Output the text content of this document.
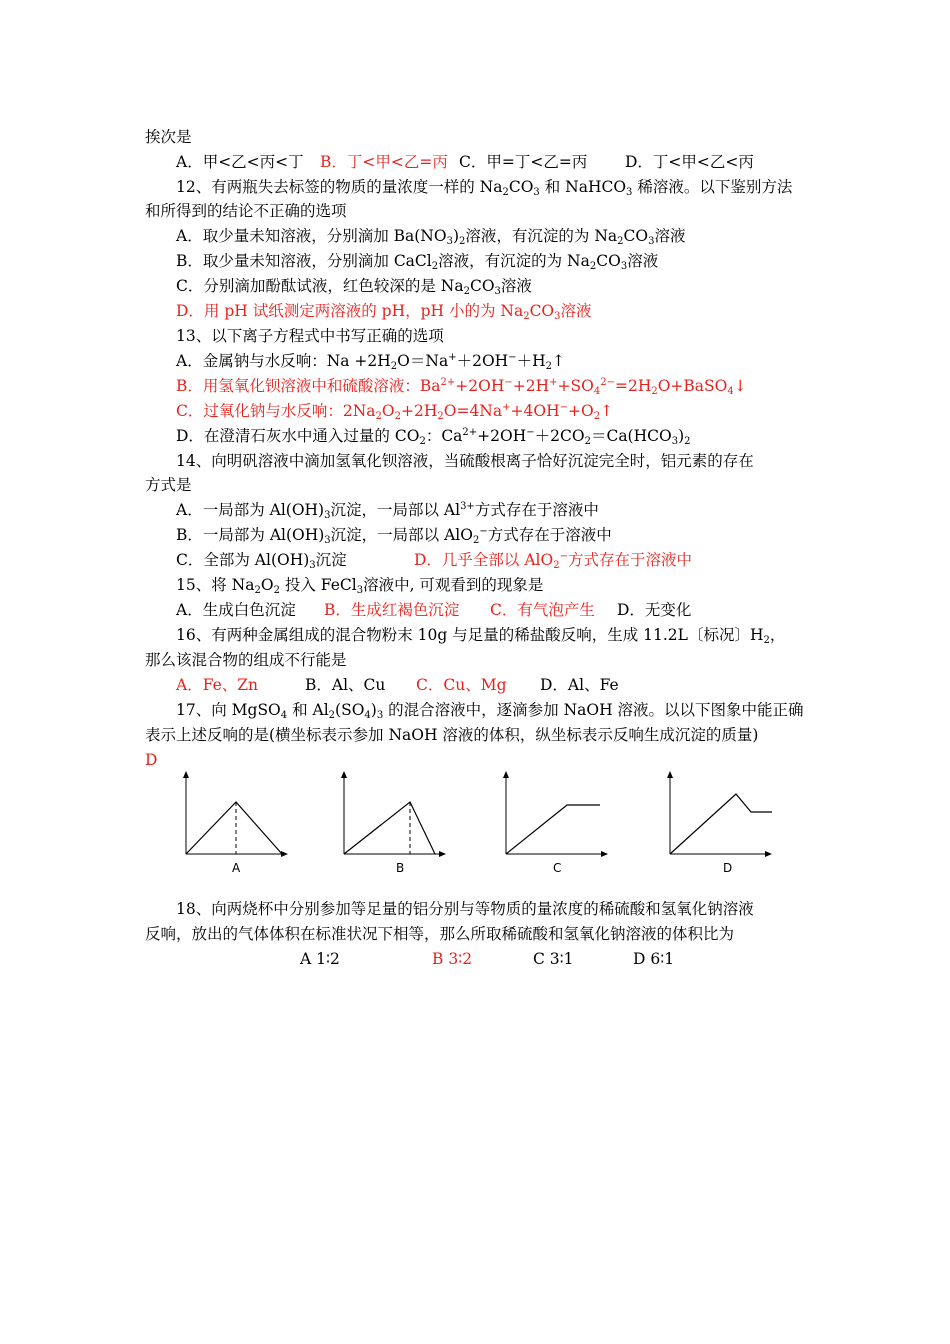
挨次是
A．甲<乙<丙<丁 B．丁<甲<乙=丙 C．甲=丁<乙=丙 D．丁<甲<乙<丙
12、有两瓶失去标签的物质的量浓度一样的 $Na_2CO_3$ 和 NaHCO$_3$ 稀溶液。以下鉴别方法
和所得到的结论不正确的选项
A．取少量未知溶液，分别滴加 $Ba(NO_3)_2$溶液，有沉淀的为 $Na_2CO_3$溶液
B．取少量未知溶液，分别滴加 CaCl$_2$溶液，有沉淀的为 $Na_2CO_3$溶液
C．分别滴加酚酞试液，红色较深的是 $Na_2CO_3$溶液
D．用 pH 试纸测定两溶液的 pH，pH 小的为 $Na_2CO_3$溶液
13、以下离子方程式中书写正确的选项
A．金属钠与水反响：$Na +2H_2O=Na^++2OH^-+H_2↑$
B．用氢氧化钡溶液中和硫酸溶液：$Ba^{2+}+2OH^-+2H^++SO_4^{2-}=2H_2O+BaSO_4↓$
C．过氧化钠与水反响：$2Na_2O_2+2H_2O=4Na^++4OH^-+O_2↑$
D．在澄清石灰水中通入过量的 $CO_2$：$Ca^{2+}+2OH^-+2CO_2=Ca(HCO_3)_2$
14、向明矾溶液中滴加氢氧化钡溶液，当硫酸根离子恰好沉淀完全时，铝元素的存在
方式是
A．一局部为 $Al(OH)_3$沉淀，一局部以 $Al^{3+}$方式存在于溶液中
B．一局部为 $Al(OH)_3$沉淀，一局部以 AlO$_2$−方式存在于溶液中
C．全部为 $Al(OH)_3$沉淀	D．几乎全部以 AlO$_2$−方式存在于溶液中
15、将 $Na_2O_2$ 投入 FeCl$_3$溶液中, 可观看到的现象是
A．生成白色沉淀 B．生成红褐色沉淀 C．有气泡产生 D．无变化
16、有两种金属组成的混合物粉末 10g 与足量的稀盐酸反响，生成 11.2L〔标况〕$H_2$，
那么该混合物的组成不行能是
A．Fe、Zn	B．Al、Cu C．Cu、Mg D．Al、Fe
17、向 MgSO$_4$ 和 $Al_2(SO_4)_3$ 的混合溶液中，逐滴参加 NaOH 溶液。以以下图象中能正确
表示上述反响的是(横坐标表示参加 NaOH 溶液的体积，纵坐标表示反响生成沉淀的质量)
D
A	B	C	D
18、向两烧杯中分别参加等足量的铝分别与等物质的量浓度的稀硫酸和氢氧化钠溶液
反响，放出的气体体积在标准状况下相等，那么所取稀硫酸和氢氧化钠溶液的体积比为
A 1∶2	B 3∶2	C 3∶1	D 6∶1
